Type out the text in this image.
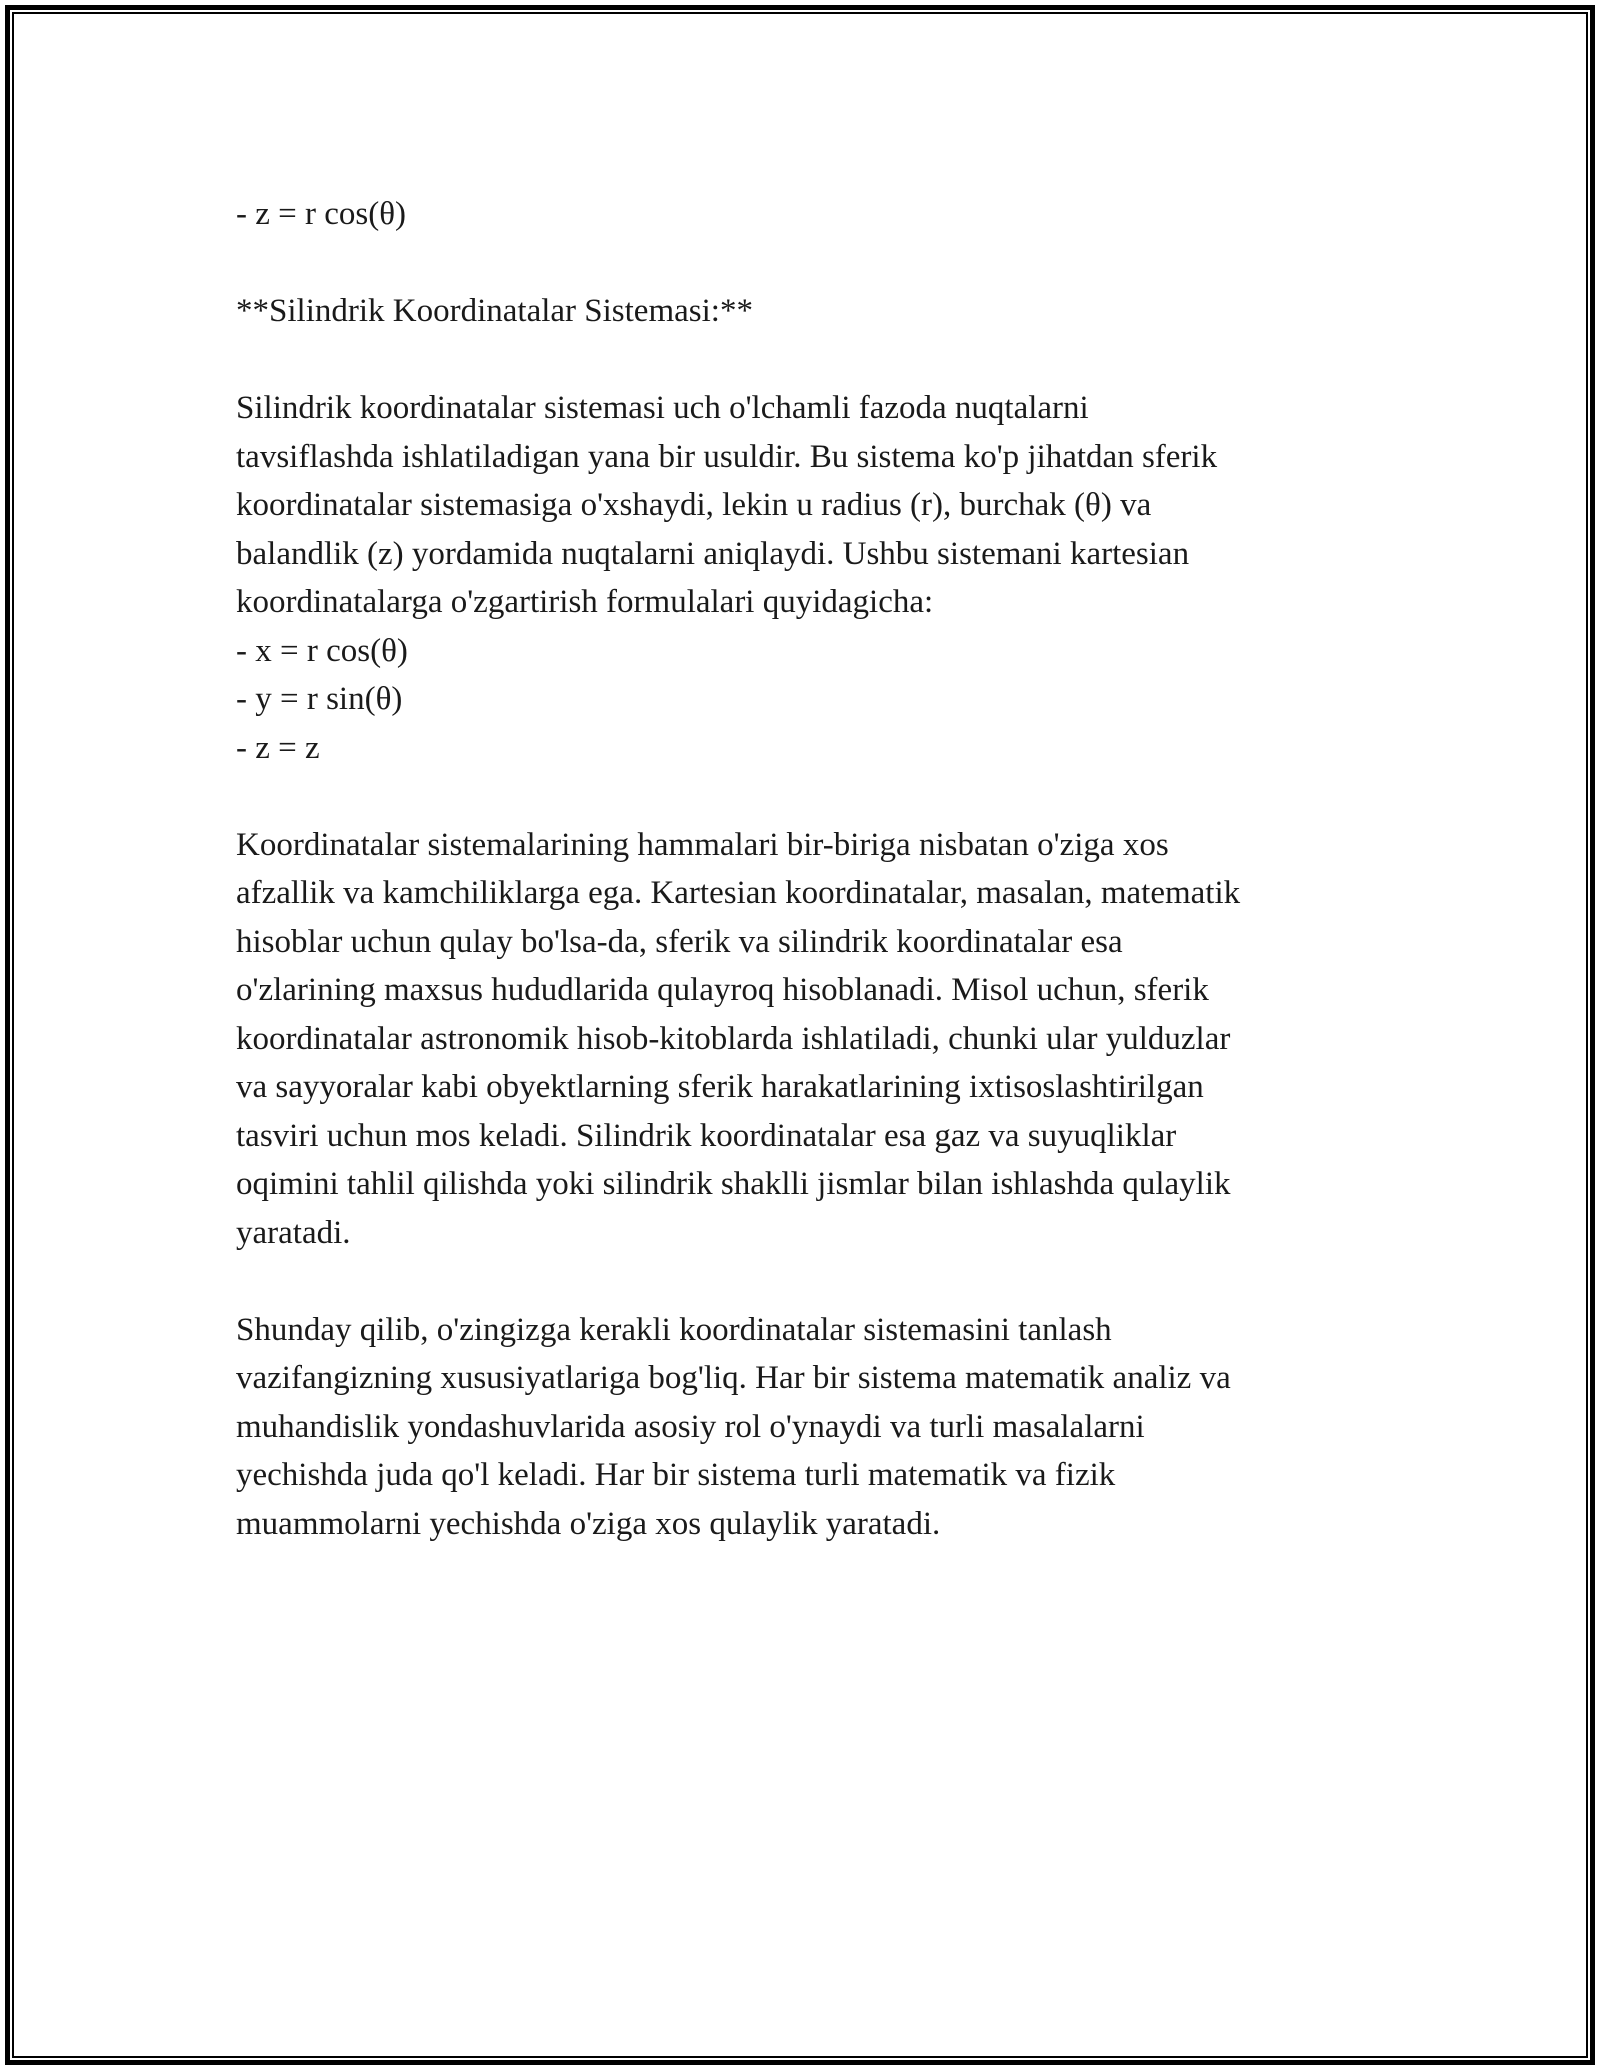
- z = r cos(θ)
**Silindrik Koordinatalar Sistemasi:**
Silindrik koordinatalar sistemasi uch o'lchamli fazoda nuqtalarni
tavsiflashda ishlatiladigan yana bir usuldir. Bu sistema ko'p jihatdan sferik
koordinatalar sistemasiga o'xshaydi, lekin u radius (r), burchak (θ) va
balandlik (z) yordamida nuqtalarni aniqlaydi. Ushbu sistemani kartesian
koordinatalarga o'zgartirish formulalari quyidagicha:
- x = r cos(θ)
- y = r sin(θ)
- z = z
Koordinatalar sistemalarining hammalari bir-biriga nisbatan o'ziga xos
afzallik va kamchiliklarga ega. Kartesian koordinatalar, masalan, matematik
hisoblar uchun qulay bo'lsa-da, sferik va silindrik koordinatalar esa
o'zlarining maxsus hududlarida qulayroq hisoblanadi. Misol uchun, sferik
koordinatalar astronomik hisob-kitoblarda ishlatiladi, chunki ular yulduzlar
va sayyoralar kabi obyektlarning sferik harakatlarining ixtisoslashtirilgan
tasviri uchun mos keladi. Silindrik koordinatalar esa gaz va suyuqliklar
oqimini tahlil qilishda yoki silindrik shaklli jismlar bilan ishlashda qulaylik
yaratadi.
Shunday qilib, o'zingizga kerakli koordinatalar sistemasini tanlash
vazifangizning xususiyatlariga bog'liq. Har bir sistema matematik analiz va
muhandislik yondashuvlarida asosiy rol o'ynaydi va turli masalalarni
yechishda juda qo'l keladi. Har bir sistema turli matematik va fizik
muammolarni yechishda o'ziga xos qulaylik yaratadi.
